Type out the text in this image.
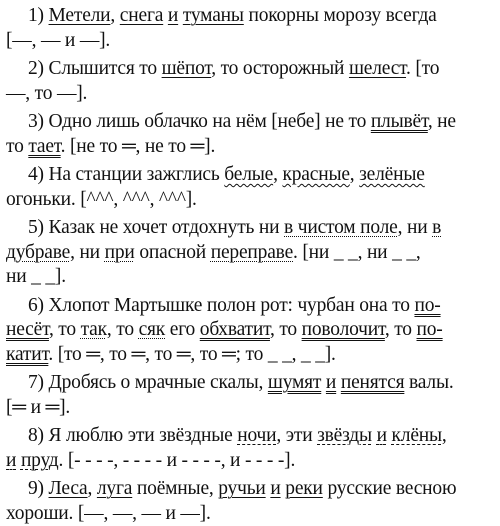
1) Метели, снега и туманы покорны морозу всегда
[—, — и —].
2) Слышится то шёпот, то осторожный шелест. [то
—, то —].
3) Одно лишь облачко на нём [небе] не то плывёт, не
то тает. [не то ═, не то ═].
4) На станции зажглись белые, красные, зелёные
огоньки. [^^^, ^^^, ^^^].
5) Казак не хочет отдохнуть ни в чистом поле, ни в
дубраве, ни при опасной переправе. [ни _ _, ни _ _,
ни _ _].
6) Хлопот Мартышке полон рот: чурбан она то по-
несёт, то так, то сяк его обхватит, то поволочит, то по-
катит. [то ═, то ═, то ═, то ═; то _ _, _ _].
7) Дробясь о мрачные скалы, шумят и пенятся валы.
[═ и ═].
8) Я люблю эти звёздные ночи, эти звёзды и клёны,
и пруд. [- - - -, - - - - и - - - -, и - - - -].
9) Леса, луга поёмные, ручьи и реки русские весною
хороши. [—, —, — и —].
